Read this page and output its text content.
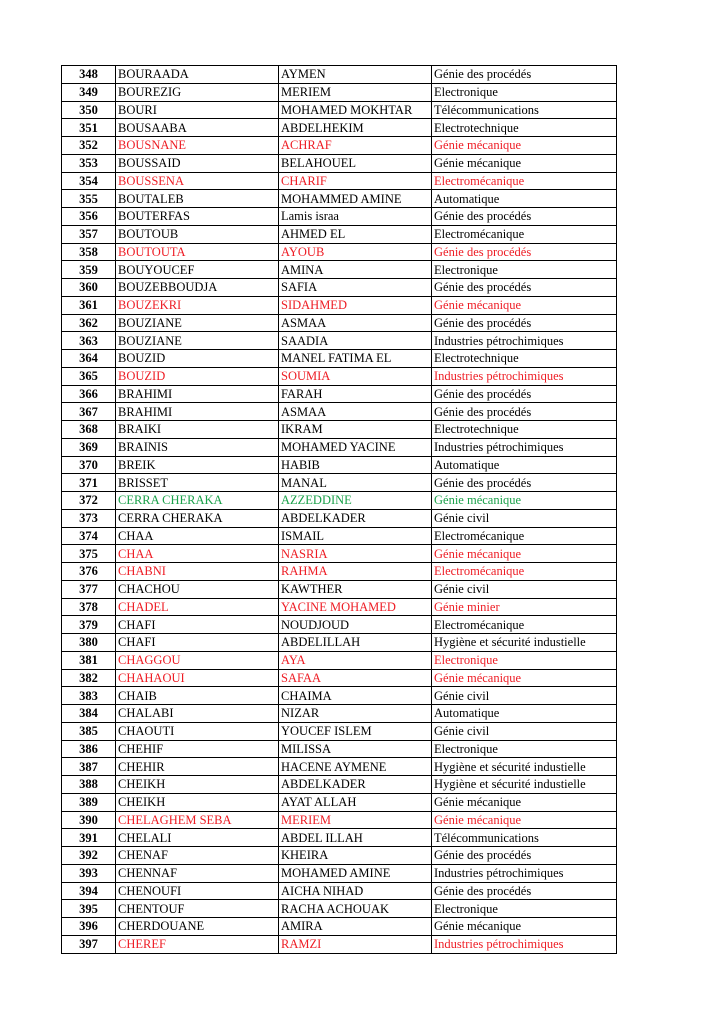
348	BOURAADA	AYMEN	Génie des procédés
349	BOUREZIG	MERIEM	Electronique
350	BOURI	MOHAMED MOKHTAR	Télécommunications
351	BOUSAABA	ABDELHEKIM	Electrotechnique
352	BOUSNANE	ACHRAF	Génie mécanique
353	BOUSSAID	BELAHOUEL	Génie mécanique
354	BOUSSENA	CHARIF	Electromécanique
355	BOUTALEB	MOHAMMED AMINE	Automatique
356	BOUTERFAS	Lamis israa	Génie des procédés
357	BOUTOUB	AHMED EL	Electromécanique
358	BOUTOUTA	AYOUB	Génie des procédés
359	BOUYOUCEF	AMINA	Electronique
360	BOUZEBBOUDJA	SAFIA	Génie des procédés
361	BOUZEKRI	SIDAHMED	Génie mécanique
362	BOUZIANE	ASMAA	Génie des procédés
363	BOUZIANE	SAADIA	Industries pétrochimiques
364	BOUZID	MANEL FATIMA EL	Electrotechnique
365	BOUZID	SOUMIA	Industries pétrochimiques
366	BRAHIMI	FARAH	Génie des procédés
367	BRAHIMI	ASMAA	Génie des procédés
368	BRAIKI	IKRAM	Electrotechnique
369	BRAINIS	MOHAMED YACINE	Industries pétrochimiques
370	BREIK	HABIB	Automatique
371	BRISSET	MANAL	Génie des procédés
372	CERRA CHERAKA	AZZEDDINE	Génie mécanique
373	CERRA CHERAKA	ABDELKADER	Génie civil
374	CHAA	ISMAIL	Electromécanique
375	CHAA	NASRIA	Génie mécanique
376	CHABNI	RAHMA	Electromécanique
377	CHACHOU	KAWTHER	Génie civil
378	CHADEL	YACINE MOHAMED	Génie minier
379	CHAFI	NOUDJOUD	Electromécanique
380	CHAFI	ABDELILLAH	Hygiène et sécurité industielle
381	CHAGGOU	AYA	Electronique
382	CHAHAOUI	SAFAA	Génie mécanique
383	CHAIB	CHAIMA	Génie civil
384	CHALABI	NIZAR	Automatique
385	CHAOUTI	YOUCEF ISLEM	Génie civil
386	CHEHIF	MILISSA	Electronique
387	CHEHIR	HACENE AYMENE	Hygiène et sécurité industielle
388	CHEIKH	ABDELKADER	Hygiène et sécurité industielle
389	CHEIKH	AYAT ALLAH	Génie mécanique
390	CHELAGHEM SEBA	MERIEM	Génie mécanique
391	CHELALI	ABDEL ILLAH	Télécommunications
392	CHENAF	KHEIRA	Génie des procédés
393	CHENNAF	MOHAMED AMINE	Industries pétrochimiques
394	CHENOUFI	AICHA NIHAD	Génie des procédés
395	CHENTOUF	RACHA ACHOUAK	Electronique
396	CHERDOUANE	AMIRA	Génie mécanique
397	CHEREF	RAMZI	Industries pétrochimiques
